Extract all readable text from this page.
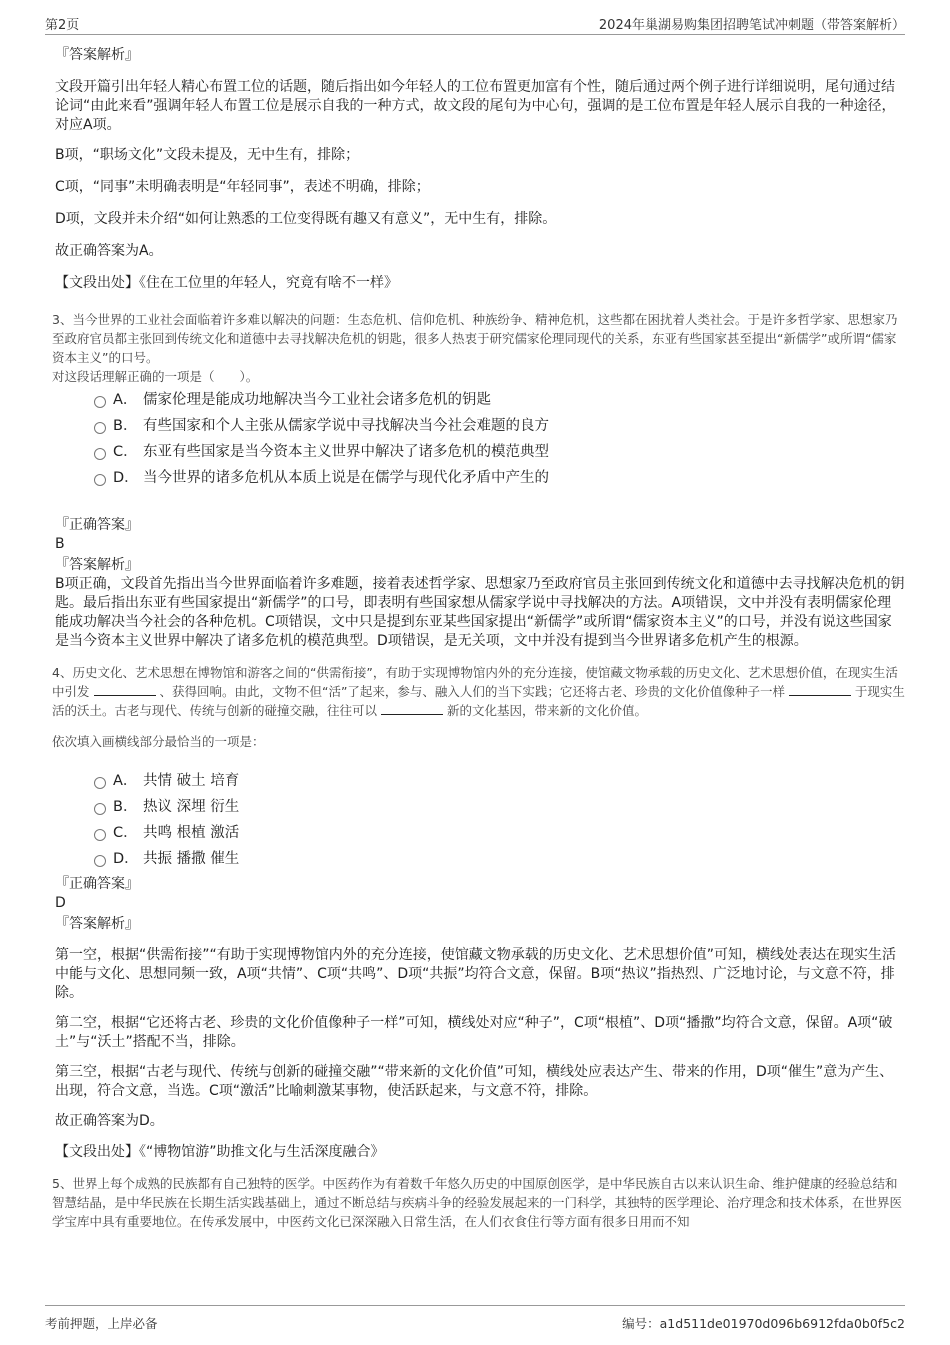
第2页	2024年巢湖易购集团招聘笔试冲刺题（带答案解析）
『答案解析』
文段开篇引出年轻人精心布置工位的话题，随后指出如今年轻人的工位布置更加富有个性，随后通过两个例子进行详细说明，尾句通过结论词“由此来看”强调年轻人布置工位是展示自我的一种方式，故文段的尾句为中心句，强调的是工位布置是年轻人展示自我的一种途径，对应A项。
B项，“职场文化”文段未提及，无中生有，排除；
C项，“同事”未明确表明是“年轻同事”，表述不明确，排除；
D项，文段并未介绍“如何让熟悉的工位变得既有趣又有意义”，无中生有，排除。
故正确答案为A。
【文段出处】《住在工位里的年轻人，究竟有啥不一样》
3、当今世界的工业社会面临着许多难以解决的问题：生态危机、信仰危机、种族纷争、精神危机，这些都在困扰着人类社会。于是许多哲学家、思想家乃至政府官员都主张回到传统文化和道德中去寻找解决危机的钥匙，很多人热衷于研究儒家伦理同现代的关系，东亚有些国家甚至提出“新儒学”或所谓“儒家资本主义”的口号。
对这段话理解正确的一项是（　　）。
A． 儒家伦理是能成功地解决当今工业社会诸多危机的钥匙
B． 有些国家和个人主张从儒家学说中寻找解决当今社会难题的良方
C． 东亚有些国家是当今资本主义世界中解决了诸多危机的模范典型
D． 当今世界的诸多危机从本质上说是在儒学与现代化矛盾中产生的
『正确答案』
B
『答案解析』
B项正确，文段首先指出当今世界面临着许多难题，接着表述哲学家、思想家乃至政府官员主张回到传统文化和道德中去寻找解决危机的钥匙。最后指出东亚有些国家提出“新儒学”的口号，即表明有些国家想从儒家学说中寻找解决的方法。A项错误，文中并没有表明儒家伦理能成功解决当今社会的各种危机。C项错误，文中只是提到东亚某些国家提出“新儒学”或所谓“儒家资本主义”的口号，并没有说这些国家是当今资本主义世界中解决了诸多危机的模范典型。D项错误，是无关项，文中并没有提到当今世界诸多危机产生的根源。
4、历史文化、艺术思想在博物馆和游客之间的“供需衔接”，有助于实现博物馆内外的充分连接，使馆藏文物承载的历史文化、艺术思想价值，在现实生活中引发	、获得回响。由此，文物不但“活”了起来，参与、融入人们的当下实践；它还将古老、珍贵的文化价值像种子一样	于现实生活的沃土。古老与现代、传统与创新的碰撞交融，往往可以	新的文化基因，带来新的文化价值。
依次填入画横线部分最恰当的一项是：
A． 共情 破土 培育
B． 热议 深埋 衍生
C． 共鸣 根植 激活
D． 共振 播撒 催生
『正确答案』
D
『答案解析』
第一空，根据“供需衔接”“有助于实现博物馆内外的充分连接，使馆藏文物承载的历史文化、艺术思想价值”可知，横线处表达在现实生活中能与文化、思想同频一致，A项“共情”、C项“共鸣”、D项“共振”均符合文意，保留。B项“热议”指热烈、广泛地讨论，与文意不符，排除。
第二空，根据“它还将古老、珍贵的文化价值像种子一样”可知，横线处对应“种子”，C项“根植”、D项“播撒”均符合文意，保留。A项“破土”与“沃土”搭配不当，排除。
第三空，根据“古老与现代、传统与创新的碰撞交融”“带来新的文化价值”可知，横线处应表达产生、带来的作用，D项“催生”意为产生、出现，符合文意，当选。C项“激活”比喻刺激某事物，使活跃起来，与文意不符，排除。
故正确答案为D。
【文段出处】《“博物馆游”助推文化与生活深度融合》
5、世界上每个成熟的民族都有自己独特的医学。中医药作为有着数千年悠久历史的中国原创医学，是中华民族自古以来认识生命、维护健康的经验总结和智慧结晶，是中华民族在长期生活实践基础上，通过不断总结与疾病斗争的经验发展起来的一门科学，其独特的医学理论、治疗理念和技术体系，在世界医学宝库中具有重要地位。在传承发展中，中医药文化已深深融入日常生活，在人们衣食住行等方面有很多日用而不知
考前押题，上岸必备	编号：a1d511de01970d096b6912fda0b0f5c2
